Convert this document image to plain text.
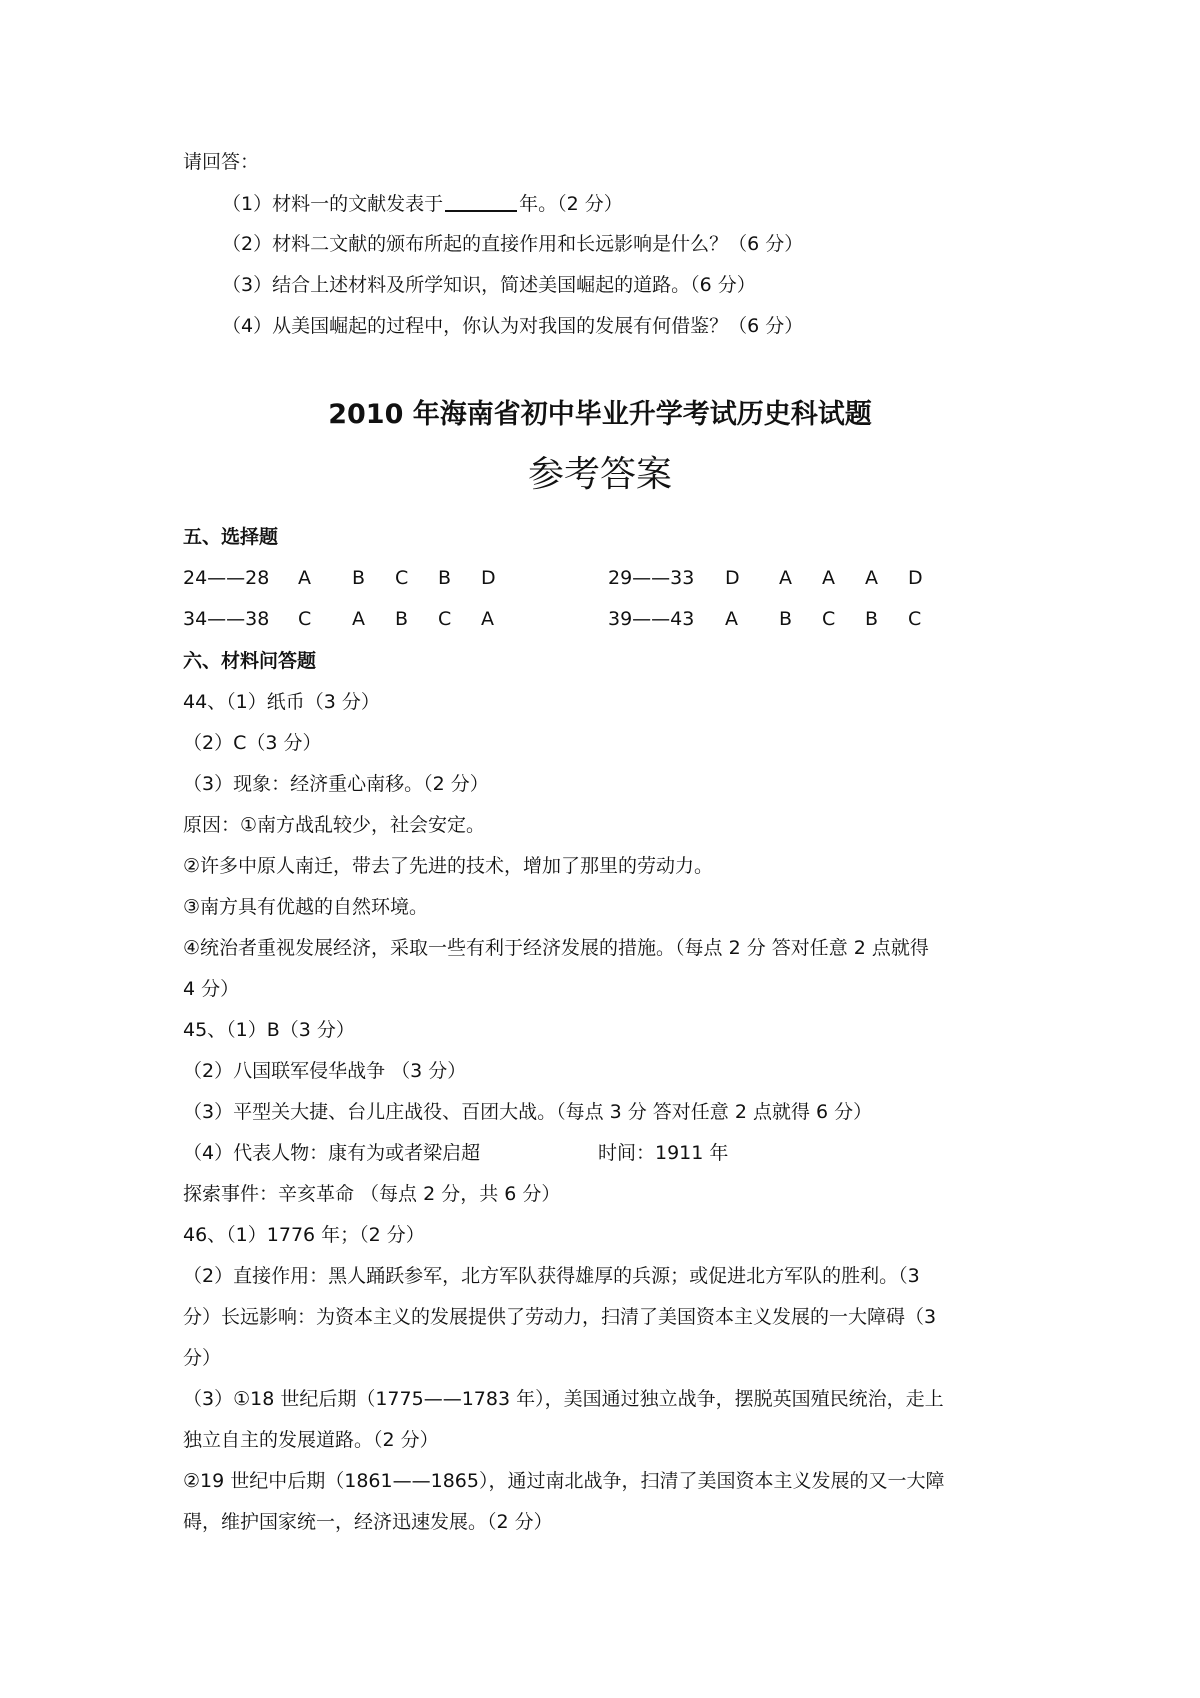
请回答：
（1）材料一的文献发表于	年。（2 分）
（2）材料二文献的颁布所起的直接作用和长远影响是什么？（6 分）
（3）结合上述材料及所学知识，简述美国崛起的道路。（6 分）
（4）从美国崛起的过程中，你认为对我国的发展有何借鉴？（6 分）
2010 年海南省初中毕业升学考试历史科试题
参考答案
五、选择题
24——28 A B C B D	29——33 D A A A D
34——38 C A B C A	39——43 A B C B C
六、材料问答题
44、（1）纸币（3 分）
（2）C（3 分）
（3）现象：经济重心南移。（2 分）
原因：①南方战乱较少，社会安定。
②许多中原人南迁，带去了先进的技术，增加了那里的劳动力。
③南方具有优越的自然环境。
④统治者重视发展经济，采取一些有利于经济发展的措施。（每点 2 分 答对任意 2 点就得
4 分）
45、（1）B（3 分）
（2）八国联军侵华战争 （3 分）
（3）平型关大捷、台儿庄战役、百团大战。（每点 3 分 答对任意 2 点就得 6 分）
（4）代表人物：康有为或者梁启超	时间：1911 年
探索事件：辛亥革命 （每点 2 分，共 6 分）
46、（1）1776 年；（2 分）
（2）直接作用：黑人踊跃参军，北方军队获得雄厚的兵源；或促进北方军队的胜利。（3
分）长远影响：为资本主义的发展提供了劳动力，扫清了美国资本主义发展的一大障碍（3
分）
（3）①18 世纪后期（1775——1783 年），美国通过独立战争，摆脱英国殖民统治，走上
独立自主的发展道路。（2 分）
②19 世纪中后期（1861——1865），通过南北战争，扫清了美国资本主义发展的又一大障
碍，维护国家统一，经济迅速发展。（2 分）
